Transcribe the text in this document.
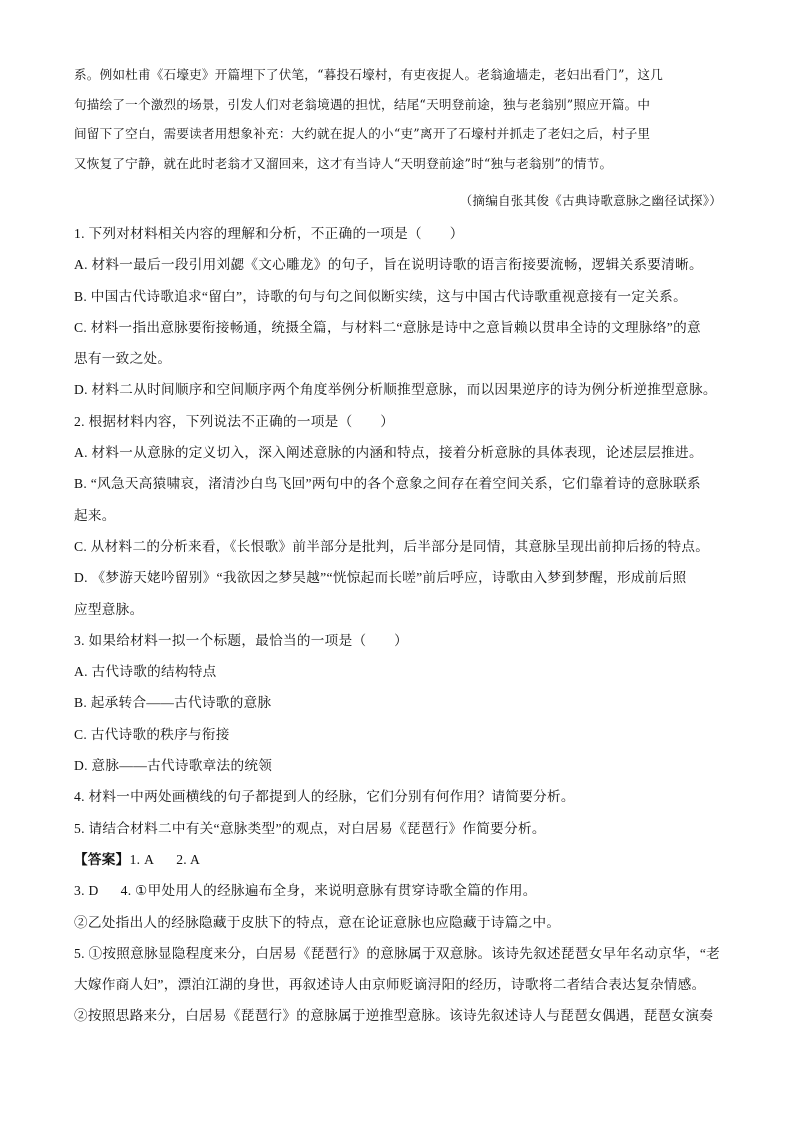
系。例如杜甫《石壕吏》开篇埋下了伏笔，“暮投石壕村，有吏夜捉人。老翁逾墙走，老妇出看门”，这几
句描绘了一个激烈的场景，引发人们对老翁境遇的担忧，结尾“天明登前途，独与老翁别”照应开篇。中
间留下了空白，需要读者用想象补充：大约就在捉人的小“吏”离开了石壕村并抓走了老妇之后，村子里
又恢复了宁静，就在此时老翁才又溜回来，这才有当诗人“天明登前途”时“独与老翁别”的情节。
（摘编自张其俊《古典诗歌意脉之幽径试探》）
1. 下列对材料相关内容的理解和分析，不正确的一项是（　　）
A. 材料一最后一段引用刘勰《文心雕龙》的句子，旨在说明诗歌的语言衔接要流畅，逻辑关系要清晰。
B. 中国古代诗歌追求“留白”，诗歌的句与句之间似断实续，这与中国古代诗歌重视意接有一定关系。
C. 材料一指出意脉要衔接畅通，统摄全篇，与材料二“意脉是诗中之意旨赖以贯串全诗的文理脉络”的意
思有一致之处。
D. 材料二从时间顺序和空间顺序两个角度举例分析顺推型意脉，而以因果逆序的诗为例分析逆推型意脉。
2. 根据材料内容，下列说法不正确的一项是（　　）
A. 材料一从意脉的定义切入，深入阐述意脉的内涵和特点，接着分析意脉的具体表现，论述层层推进。
B. “风急天高猿啸哀，渚清沙白鸟飞回”两句中的各个意象之间存在着空间关系，它们靠着诗的意脉联系
起来。
C. 从材料二的分析来看，《长恨歌》前半部分是批判，后半部分是同情，其意脉呈现出前抑后扬的特点。
D. 《梦游天姥吟留别》“我欲因之梦吴越”“恍惊起而长嗟”前后呼应，诗歌由入梦到梦醒，形成前后照
应型意脉。
3. 如果给材料一拟一个标题，最恰当的一项是（　　）
A. 古代诗歌的结构特点
B. 起承转合——古代诗歌的意脉
C. 古代诗歌的秩序与衔接
D. 意脉——古代诗歌章法的统领
4. 材料一中两处画横线的句子都提到人的经脉，它们分别有何作用？请简要分析。
5. 请结合材料二中有关“意脉类型”的观点，对白居易《琵琶行》作简要分析。
【答案】1. A 2. A
3. D 4. ①甲处用人的经脉遍布全身，来说明意脉有贯穿诗歌全篇的作用。
②乙处指出人的经脉隐藏于皮肤下的特点，意在论证意脉也应隐藏于诗篇之中。
5. ①按照意脉显隐程度来分，白居易《琵琶行》的意脉属于双意脉。该诗先叙述琵琶女早年名动京华，“老
大嫁作商人妇”，漂泊江湖的身世，再叙述诗人由京师贬谪浔阳的经历，诗歌将二者结合表达复杂情感。
②按照思路来分，白居易《琵琶行》的意脉属于逆推型意脉。该诗先叙述诗人与琵琶女偶遇，琵琶女演奏
